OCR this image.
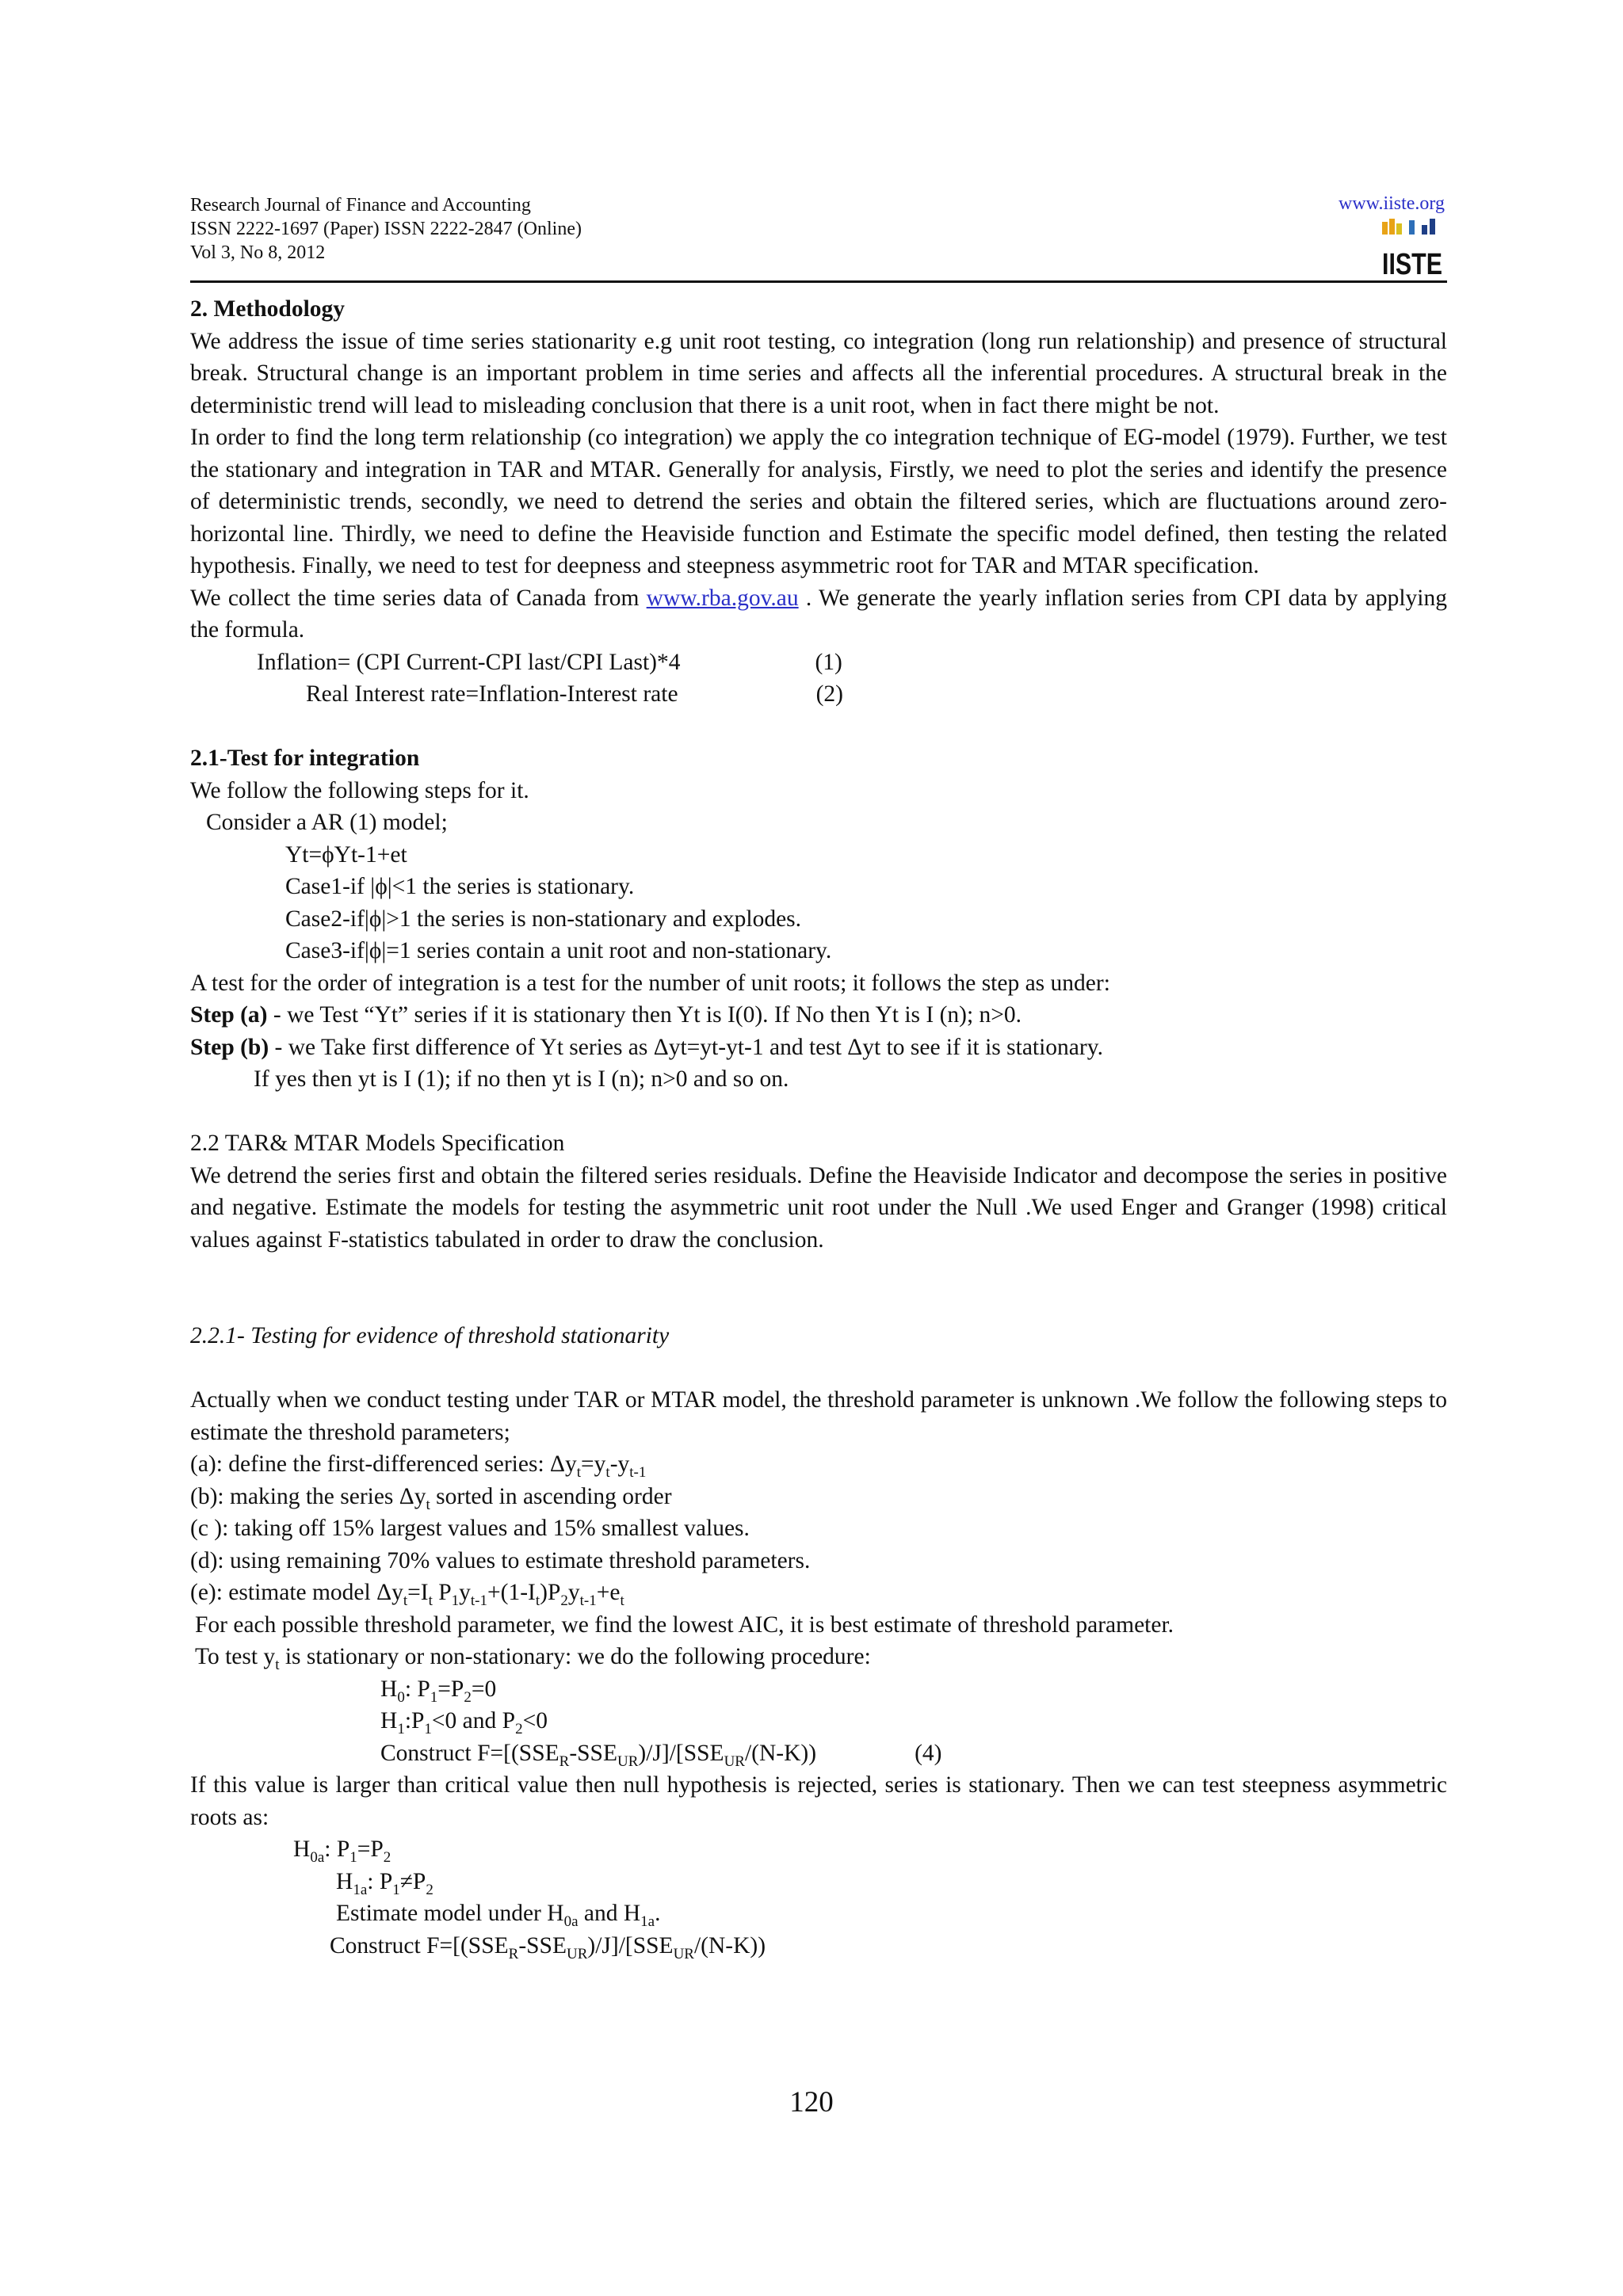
Research Journal of Finance and Accounting
ISSN 2222-1697 (Paper) ISSN 2222-2847 (Online)
Vol 3, No 8, 2012
www.iiste.org
IISTE

2. Methodology

We address the issue of time series stationarity e.g unit root testing, co integration (long run relationship) and presence of structural break. Structural change is an important problem in time series and affects all the inferential procedures. A structural break in the deterministic trend will lead to misleading conclusion that there is a unit root, when in fact there might be not.

In order to find the long term relationship (co integration) we apply the co integration technique of EG-model (1979). Further, we test the stationary and integration in TAR and MTAR. Generally for analysis, Firstly, we need to plot the series and identify the presence of deterministic trends, secondly, we need to detrend the series and obtain the filtered series, which are fluctuations around zero-horizontal line. Thirdly, we need to define the Heaviside function and Estimate the specific model defined, then testing the related hypothesis. Finally, we need to test for deepness and steepness asymmetric root for TAR and MTAR specification.

We collect the time series data of Canada from www.rba.gov.au . We generate the yearly inflation series from CPI data by applying the formula.

Inflation= (CPI Current-CPI last/CPI Last)*4	(1)

Real Interest rate=Inflation-Interest rate	(2)

2.1-Test for integration

We follow the following steps for it.

Consider a AR (1) model;

Yt=ϕYt-1+et

Case1-if |ϕ|<1 the series is stationary.

Case2-if|ϕ|>1 the series is non-stationary and explodes.

Case3-if|ϕ|=1 series contain a unit root and non-stationary.

A test for the order of integration is a test for the number of unit roots; it follows the step as under:

Step (a) - we Test “Yt” series if it is stationary then Yt is I(0). If No then Yt is I (n); n>0.

Step (b) - we Take first difference of Yt series as Δyt=yt-yt-1 and test Δyt to see if it is stationary.

If yes then yt is I (1); if no then yt is I (n); n>0 and so on.

2.2 TAR& MTAR Models Specification

We detrend the series first and obtain the filtered series residuals. Define the Heaviside Indicator and decompose the series in positive and negative. Estimate the models for testing the asymmetric unit root under the Null .We used Enger and Granger (1998) critical values against F-statistics tabulated in order to draw the conclusion.

2.2.1- Testing for evidence of threshold stationarity

Actually when we conduct testing under TAR or MTAR model, the threshold parameter is unknown .We follow the following steps to estimate the threshold parameters;

(a): define the first-differenced series: $\Delta y_t=y_t-y_{t-1}$

(b): making the series $\Delta y_t$ sorted in ascending order

(c ): taking off 15% largest values and 15% smallest values.

(d): using remaining 70% values to estimate threshold parameters.

(e): estimate model $\Delta y_t=I_t$ $P_1y_{t-1}+(1-I_t)P_2y_{t-1}+e_t$

For each possible threshold parameter, we find the lowest AIC, it is best estimate of threshold parameter.

To test $y_t$ is stationary or non-stationary: we do the following procedure:

$H_0$: $P_1=P_2=0$

$H_1:P_1<0$ and $P_2<0$

Construct $F=[(SSE_R-SSE_{UR})/J]/[SSE_{UR}/(N-K))$	(4)

If this value is larger than critical value then null hypothesis is rejected, series is stationary. Then we can test steepness asymmetric roots as:

$H_{0a}$: $P_1=P_2$

$H_{1a}$: $P_1\ne P_2$

Estimate model under $H_{0a}$ and $H_{1a}$.

Construct $F=[(SSE_R-SSE_{UR})/J]/[SSE_{UR}/(N-K))$

120
